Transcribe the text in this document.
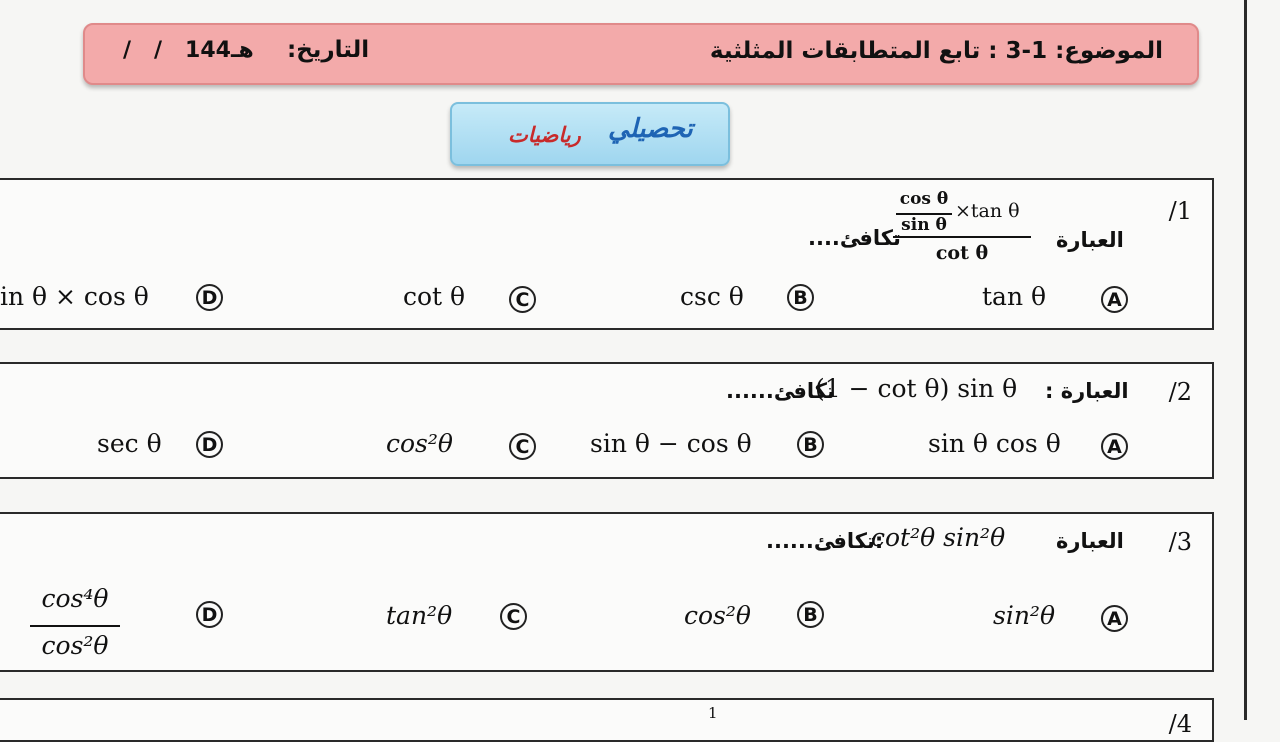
الموضوع: 1-3 : تابع المتطابقات المثلثية
التاريخ:
/   /   144هـ
تحصيلي
رياضيات
/1
العبارة
cos θ
sin θ
×tan θ
cot θ
تكافئ....
A
tan θ
B
csc θ
C
cot θ
D
in θ × cos θ
/2
العبارة :
(1 − cot θ) sin θ
تكافئ......
A
sin θ cos θ
B
sin θ − cos θ
C
cos²θ
D
sec θ
/3
العبارة
cot²θ sin²θ
:تكافئ......
A
sin²θ
B
cos²θ
C
tan²θ
D
cos⁴θ
cos²θ
/4
1
